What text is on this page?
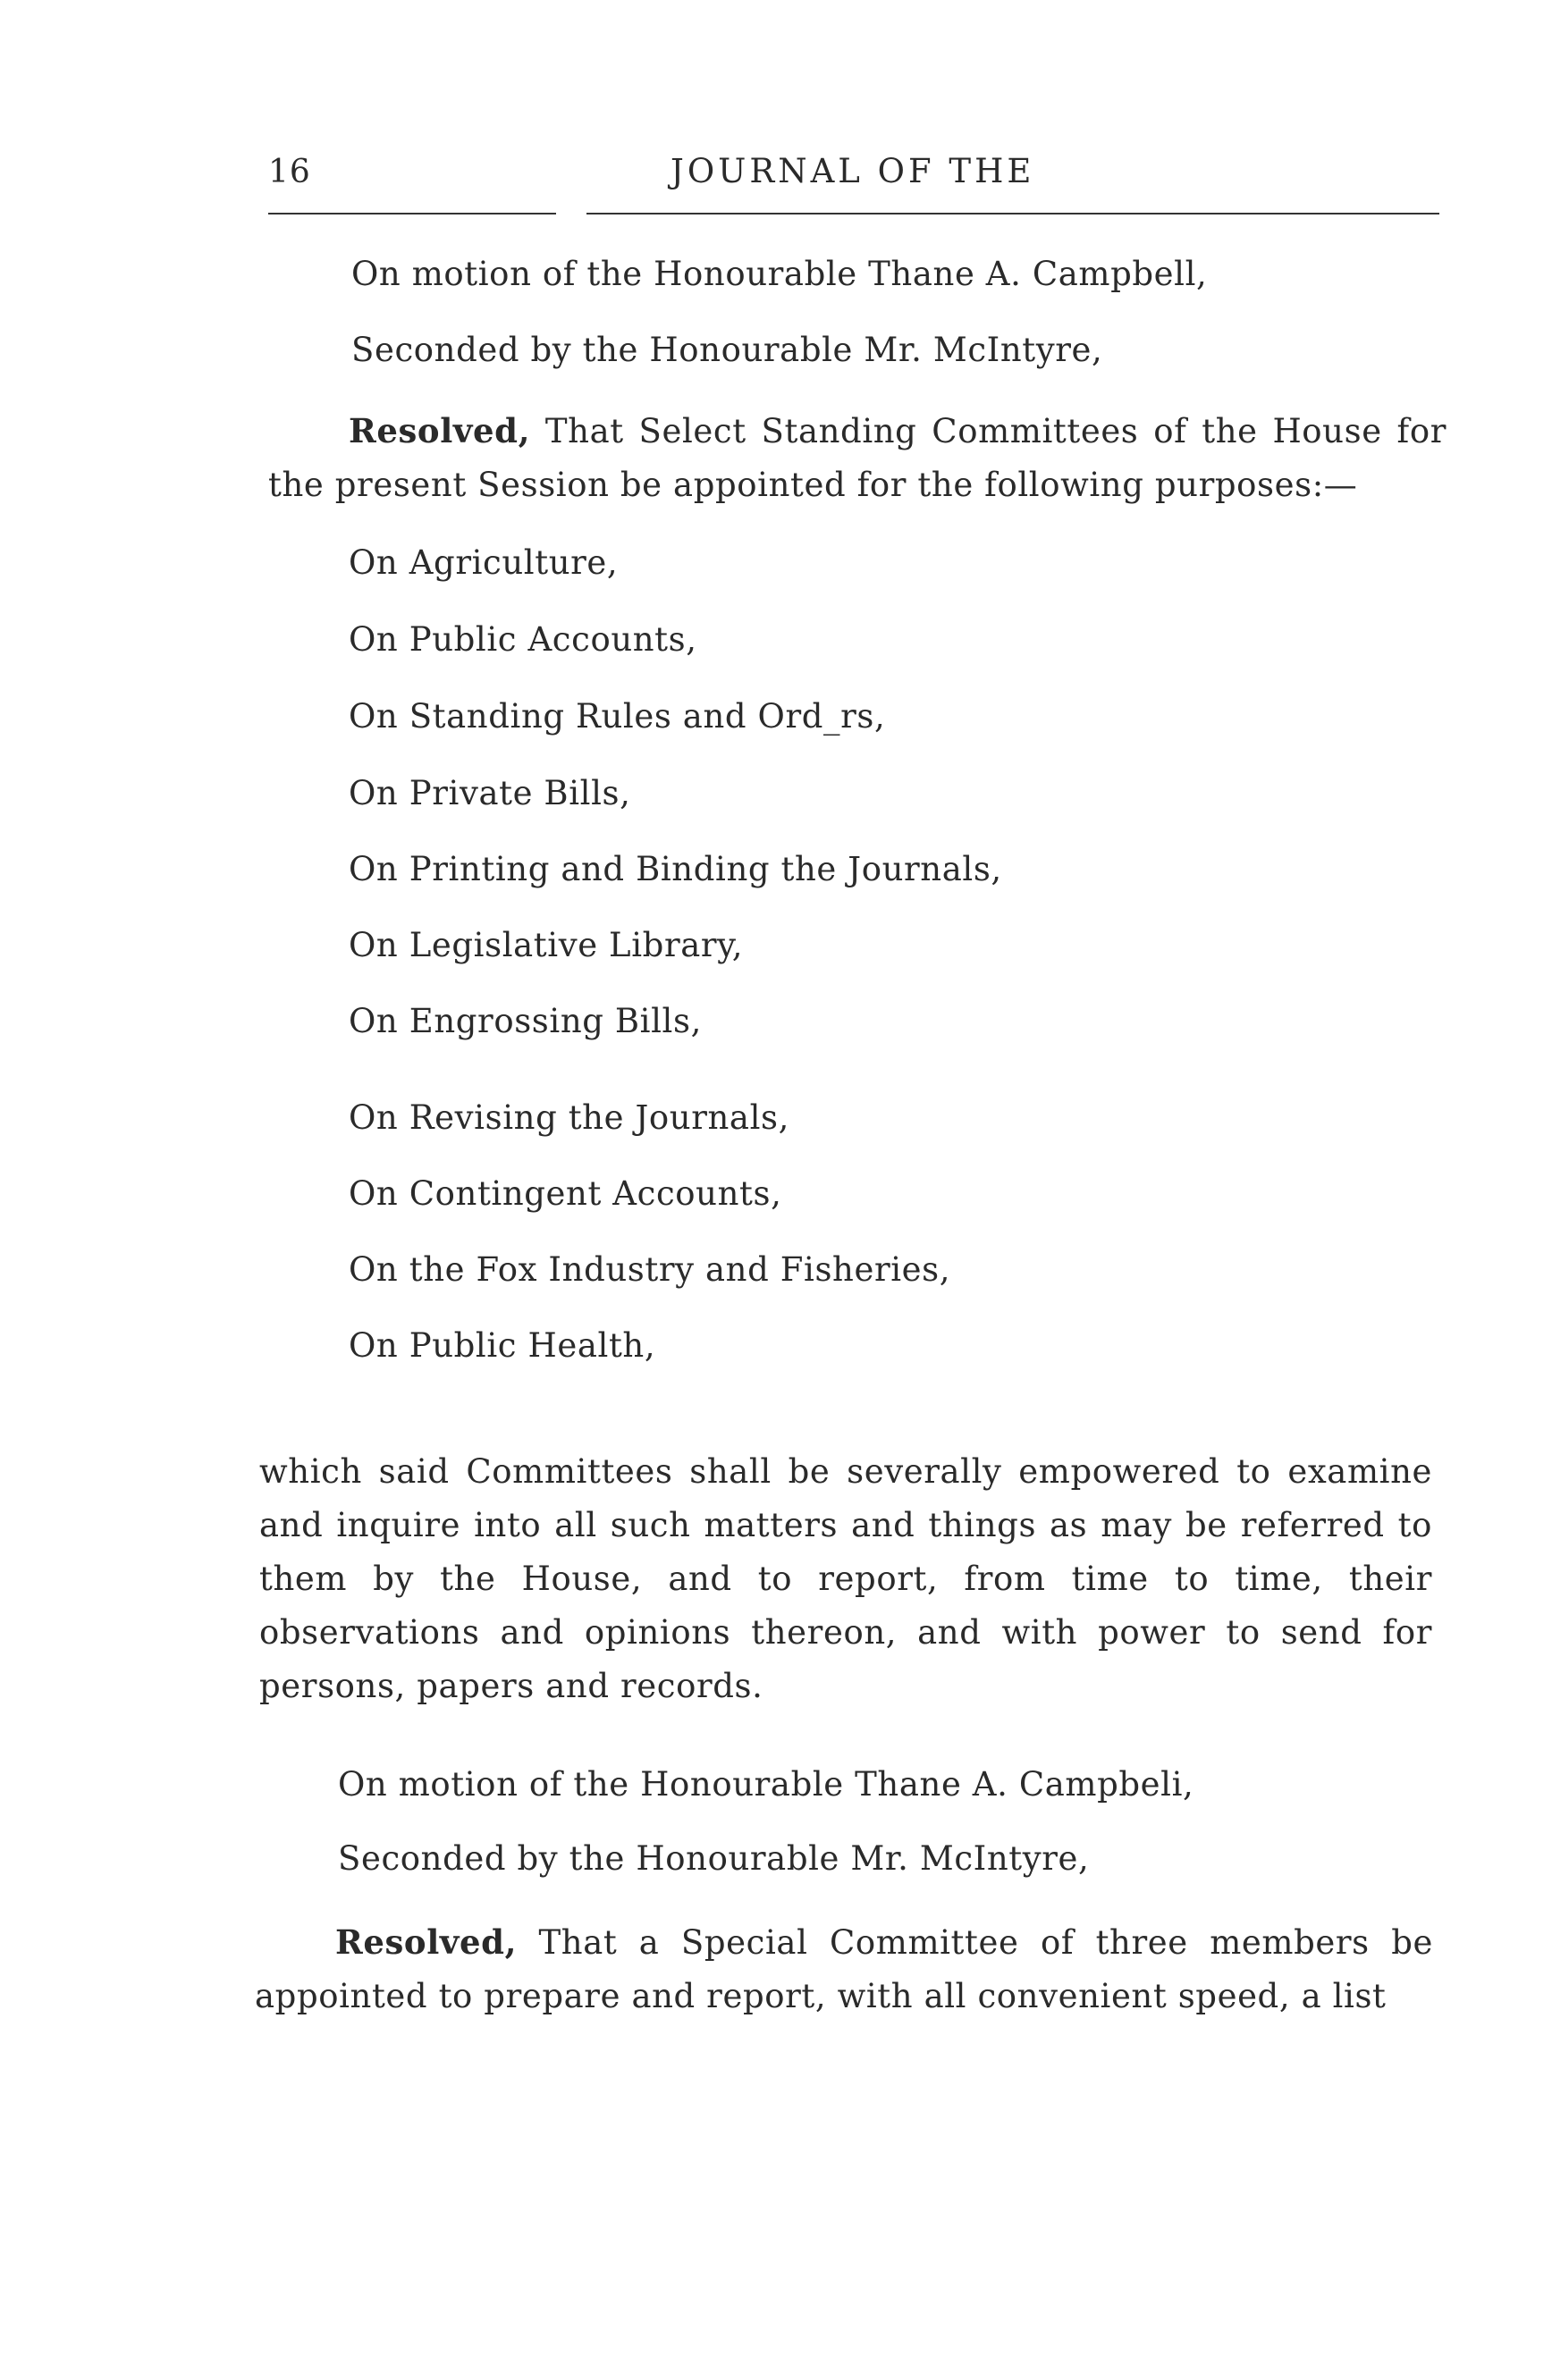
16	JOURNAL OF THE
On motion of the Honourable Thane A. Campbell,
Seconded by the Honourable Mr. McIntyre,
Resolved, That Select Standing Committees of the House for the present Session be appointed for the following purposes:—
On Agriculture,
On Public Accounts,
On Standing Rules and Ord_rs,
On Private Bills,
On Printing and Binding the Journals,
On Legislative Library,
On Engrossing Bills,
On Revising the Journals,
On Contingent Accounts,
On the Fox Industry and Fisheries,
On Public Health,
which said Committees shall be severally empowered to examine and inquire into all such matters and things as may be referred to them by the House, and to report, from time to time, their observations and opinions thereon, and with power to send for persons, papers and records.
On motion of the Honourable Thane A. Campbeli,
Seconded by the Honourable Mr. McIntyre,
Resolved, That a Special Committee of three members be appointed to prepare and report, with all convenient speed, a list
